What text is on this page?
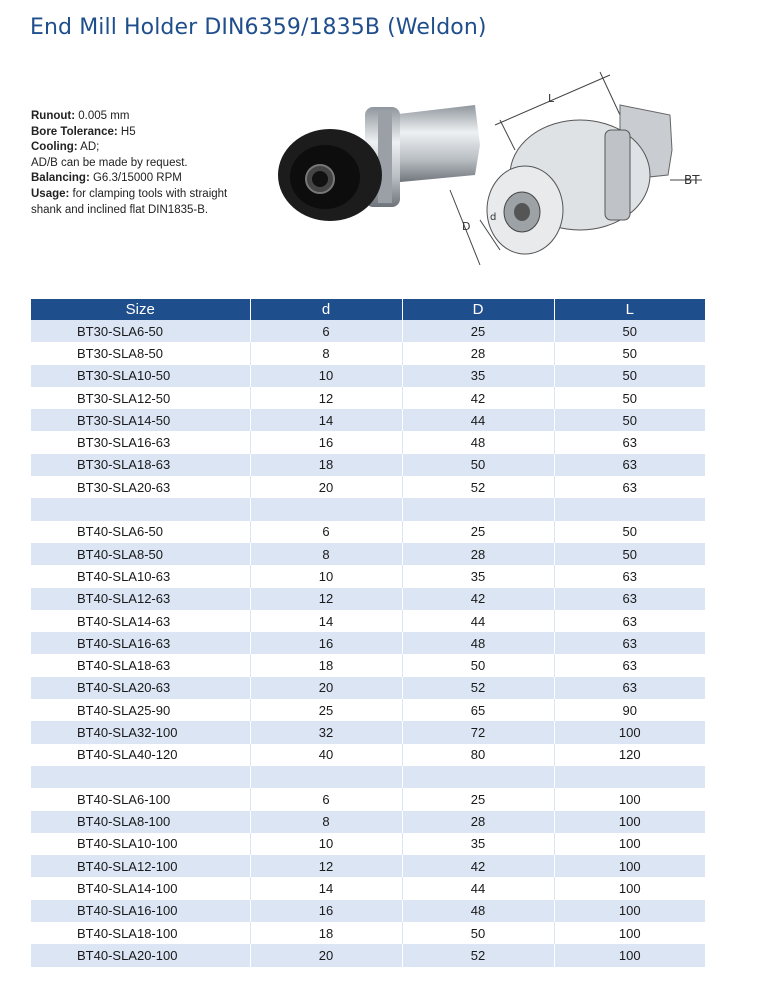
End Mill Holder DIN6359/1835B (Weldon)
Runout: 0.005 mm
Bore Tolerance: H5
Cooling: AD;
AD/B can be made by request.
Balancing: G6.3/15000 RPM
Usage: for clamping tools with straight
shank and inclined flat DIN1835-B.
L
D
d
BT
Size	d	D	L
BT30-SLA6-50	6	25	50
BT30-SLA8-50	8	28	50
BT30-SLA10-50	10	35	50
BT30-SLA12-50	12	42	50
BT30-SLA14-50	14	44	50
BT30-SLA16-63	16	48	63
BT30-SLA18-63	18	50	63
BT30-SLA20-63	20	52	63

BT40-SLA6-50	6	25	50
BT40-SLA8-50	8	28	50
BT40-SLA10-63	10	35	63
BT40-SLA12-63	12	42	63
BT40-SLA14-63	14	44	63
BT40-SLA16-63	16	48	63
BT40-SLA18-63	18	50	63
BT40-SLA20-63	20	52	63
BT40-SLA25-90	25	65	90
BT40-SLA32-100	32	72	100
BT40-SLA40-120	40	80	120

BT40-SLA6-100	6	25	100
BT40-SLA8-100	8	28	100
BT40-SLA10-100	10	35	100
BT40-SLA12-100	12	42	100
BT40-SLA14-100	14	44	100
BT40-SLA16-100	16	48	100
BT40-SLA18-100	18	50	100
BT40-SLA20-100	20	52	100
